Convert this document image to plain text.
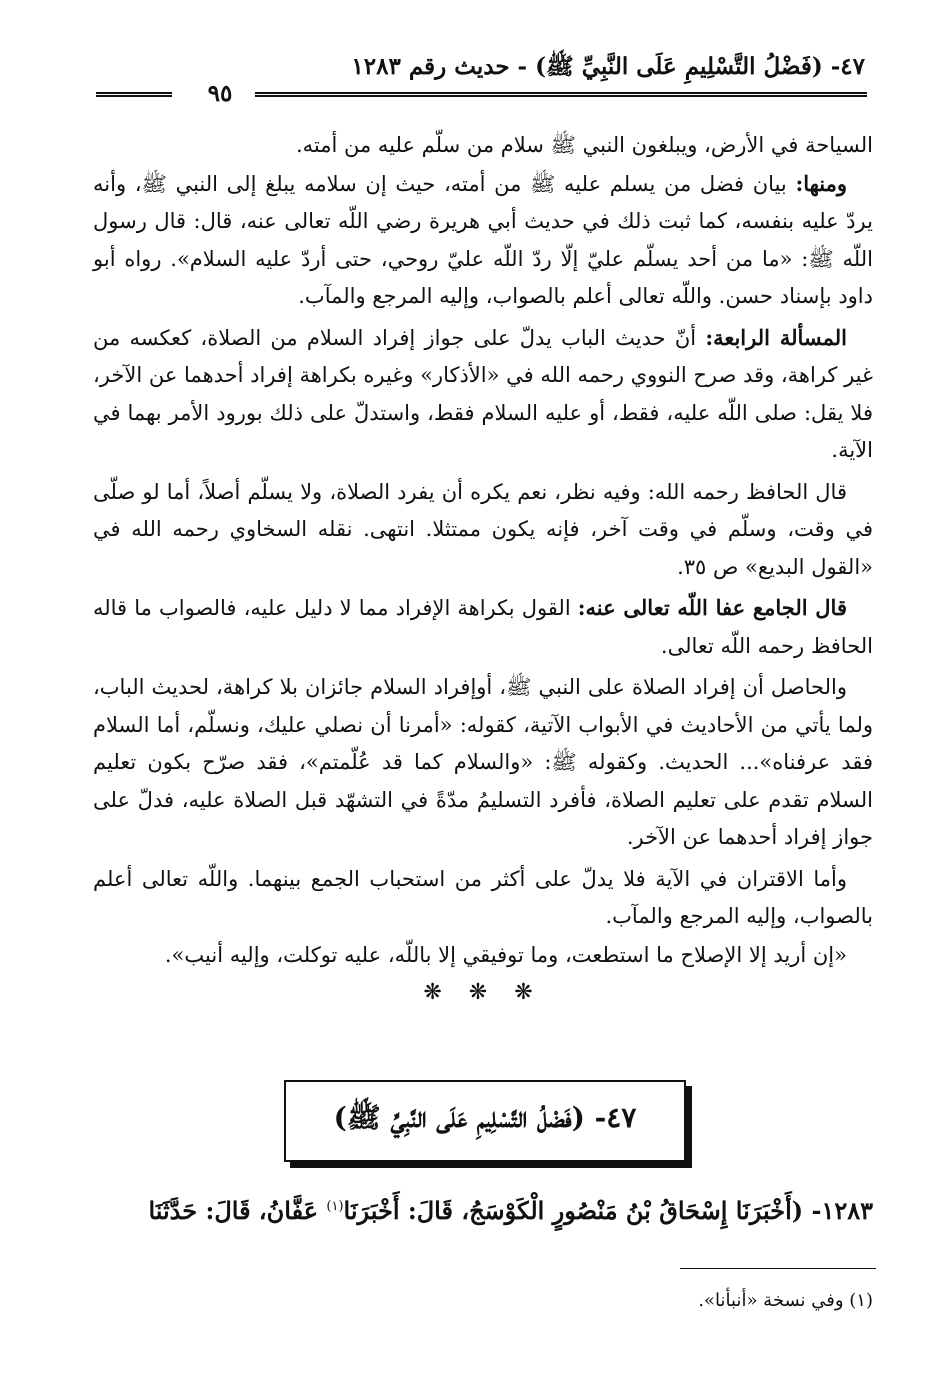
٤٧- (فَضْلُ التَّسْلِيمِ عَلَى النَّبِيِّ ﷺ) - حديث رقم ١٢٨٣
٩٥

السياحة في الأرض، ويبلغون النبي ﷺ سلام من سلّم عليه من أمته.

ومنها: بيان فضل من يسلم عليه ﷺ من أمته، حيث إن سلامه يبلغ إلى النبي ﷺ، وأنه يردّ عليه بنفسه، كما ثبت ذلك في حديث أبي هريرة رضي اللّه تعالى عنه، قال: قال رسول اللّه ﷺ: «ما من أحد يسلّم عليّ إلّا ردّ اللّه عليّ روحي، حتى أردّ عليه السلام». رواه أبو داود بإسناد حسن. واللّه تعالى أعلم بالصواب، وإليه المرجع والمآب.

المسألة الرابعة: أنّ حديث الباب يدلّ على جواز إفراد السلام من الصلاة، كعكسه من غير كراهة، وقد صرح النووي رحمه الله في «الأذكار» وغيره بكراهة إفراد أحدهما عن الآخر، فلا يقل: صلى اللّه عليه، فقط، أو عليه السلام فقط، واستدلّ على ذلك بورود الأمر بهما في الآية.

قال الحافظ رحمه الله: وفيه نظر، نعم يكره أن يفرد الصلاة، ولا يسلّم أصلاً، أما لو صلّى في وقت، وسلّم في وقت آخر، فإنه يكون ممتثلا. انتهى. نقله السخاوي رحمه الله في «القول البديع» ص ٣٥.

قال الجامع عفا اللّه تعالى عنه: القول بكراهة الإفراد مما لا دليل عليه، فالصواب ما قاله الحافظ رحمه اللّه تعالى.

والحاصل أن إفراد الصلاة على النبي ﷺ، أوإفراد السلام جائزان بلا كراهة، لحديث الباب، ولما يأتي من الأحاديث في الأبواب الآتية، كقوله: «أمرنا أن نصلي عليك، ونسلّم، أما السلام فقد عرفناه»... الحديث. وكقوله ﷺ: «والسلام كما قد عُلّمتم»، فقد صرّح بكون تعليم السلام تقدم على تعليم الصلاة، فأفرد التسليمُ مدّةً في التشهّد قبل الصلاة عليه، فدلّ على جواز إفراد أحدهما عن الآخر.

وأما الاقتران في الآية فلا يدلّ على أكثر من استحباب الجمع بينهما. واللّه تعالى أعلم بالصواب، وإليه المرجع والمآب.

«إن أريد إلا الإصلاح ما استطعت، وما توفيقي إلا باللّه، عليه توكلت، وإليه أنيب».

❋ ❋ ❋
٤٧- (فَضْلُ التَّسْلِيمِ عَلَى النَّبِيِّ ﷺ)
١٢٨٣- (أَخْبَرَنَا إِسْحَاقُ بْنُ مَنْصُورٍ الْكَوْسَجُ، قَالَ: أَخْبَرَنَا$^{(١)}$ عَفَّانُ، قَالَ: حَدَّثَنَا
(١) وفي نسخة «أنبأنا».
